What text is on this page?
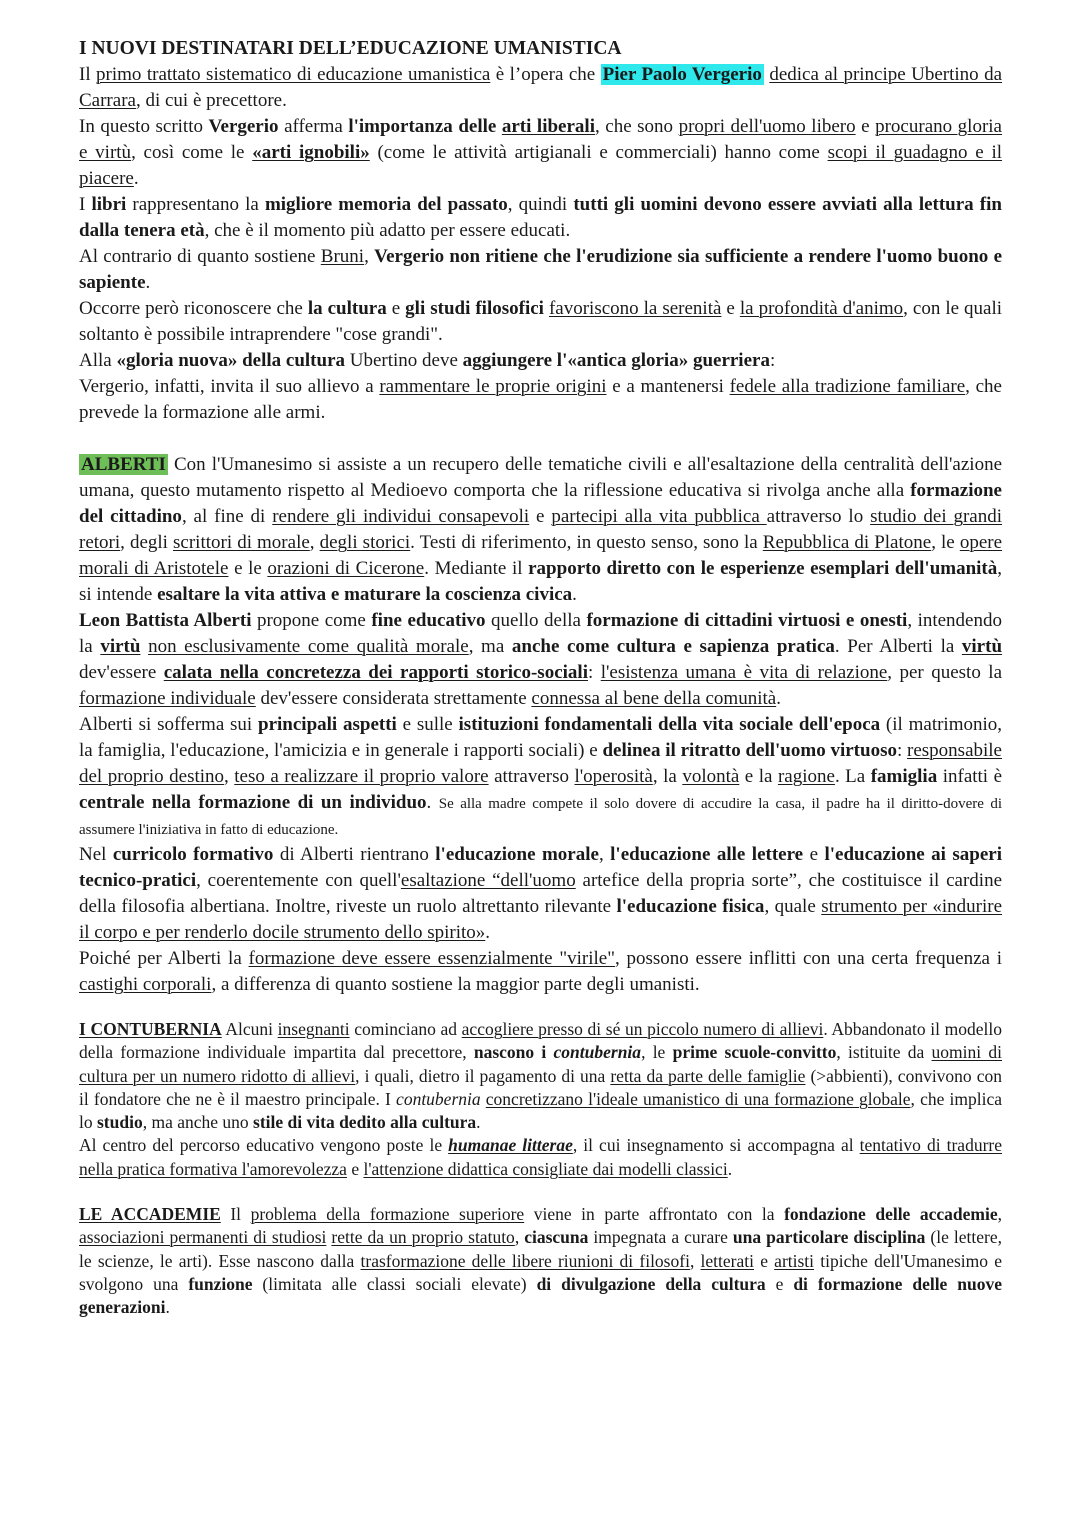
I NUOVI DESTINATARI DELL’EDUCAZIONE UMANISTICA

Il primo trattato sistematico di educazione umanistica è l’opera che Pier Paolo Vergerio dedica al principe Ubertino da Carrara, di cui è precettore.

In questo scritto Vergerio afferma l'importanza delle arti liberali, che sono propri dell'uomo libero e procurano gloria e virtù, così come le «arti ignobili» (come le attività artigianali e commerciali) hanno come scopi il guadagno e il piacere.

I libri rappresentano la migliore memoria del passato, quindi tutti gli uomini devono essere avviati alla lettura fin dalla tenera età, che è il momento più adatto per essere educati.

Al contrario di quanto sostiene Bruni, Vergerio non ritiene che l'erudizione sia sufficiente a rendere l'uomo buono e sapiente.

Occorre però riconoscere che la cultura e gli studi filosofici favoriscono la serenità e la profondità d'animo, con le quali soltanto è possibile intraprendere "cose grandi".

Alla «gloria nuova» della cultura Ubertino deve aggiungere l'«antica gloria» guerriera:

Vergerio, infatti, invita il suo allievo a rammentare le proprie origini e a mantenersi fedele alla tradizione familiare, che prevede la formazione alle armi.

ALBERTI Con l'Umanesimo si assiste a un recupero delle tematiche civili e all'esaltazione della centralità dell'azione umana, questo mutamento rispetto al Medioevo comporta che la riflessione educativa si rivolga anche alla formazione del cittadino, al fine di rendere gli individui consapevoli e partecipi alla vita pubblica attraverso lo studio dei grandi retori, degli scrittori di morale, degli storici. Testi di riferimento, in questo senso, sono la Repubblica di Platone, le opere morali di Aristotele e le orazioni di Cicerone. Mediante il rapporto diretto con le esperienze esemplari dell'umanità, si intende esaltare la vita attiva e maturare la coscienza civica.

Leon Battista Alberti propone come fine educativo quello della formazione di cittadini virtuosi e onesti, intendendo la virtù non esclusivamente come qualità morale, ma anche come cultura e sapienza pratica. Per Alberti la virtù dev'essere calata nella concretezza dei rapporti storico-sociali: l'esistenza umana è vita di relazione, per questo la formazione individuale dev'essere considerata strettamente connessa al bene della comunità.

Alberti si sofferma sui principali aspetti e sulle istituzioni fondamentali della vita sociale dell'epoca (il matrimonio, la famiglia, l'educazione, l'amicizia e in generale i rapporti sociali) e delinea il ritratto dell'uomo virtuoso: responsabile del proprio destino, teso a realizzare il proprio valore attraverso l'operosità, la volontà e la ragione. La famiglia infatti è centrale nella formazione di un individuo. Se alla madre compete il solo dovere di accudire la casa, il padre ha il diritto-dovere di assumere l'iniziativa in fatto di educazione.

Nel curricolo formativo di Alberti rientrano l'educazione morale, l'educazione alle lettere e l'educazione ai saperi tecnico-pratici, coerentemente con quell'esaltazione “dell'uomo artefice della propria sorte”, che costituisce il cardine della filosofia albertiana. Inoltre, riveste un ruolo altrettanto rilevante l'educazione fisica, quale strumento per «indurire il corpo e per renderlo docile strumento dello spirito».

Poiché per Alberti la formazione deve essere essenzialmente "virile", possono essere inflitti con una certa frequenza i castighi corporali, a differenza di quanto sostiene la maggior parte degli umanisti.

I CONTUBERNIA Alcuni insegnanti cominciano ad accogliere presso di sé un piccolo numero di allievi. Abbandonato il modello della formazione individuale impartita dal precettore, nascono i contubernia, le prime scuole-convitto, istituite da uomini di cultura per un numero ridotto di allievi, i quali, dietro il pagamento di una retta da parte delle famiglie (>abbienti), convivono con il fondatore che ne è il maestro principale. I contubernia concretizzano l'ideale umanistico di una formazione globale, che implica lo studio, ma anche uno stile di vita dedito alla cultura.

Al centro del percorso educativo vengono poste le humanae litterae, il cui insegnamento si accompagna al tentativo di tradurre nella pratica formativa l'amorevolezza e l'attenzione didattica consigliate dai modelli classici.

LE ACCADEMIE Il problema della formazione superiore viene in parte affrontato con la fondazione delle accademie, associazioni permanenti di studiosi rette da un proprio statuto, ciascuna impegnata a curare una particolare disciplina (le lettere, le scienze, le arti). Esse nascono dalla trasformazione delle libere riunioni di filosofi, letterati e artisti tipiche dell'Umanesimo e svolgono una funzione (limitata alle classi sociali elevate) di divulgazione della cultura e di formazione delle nuove generazioni.
